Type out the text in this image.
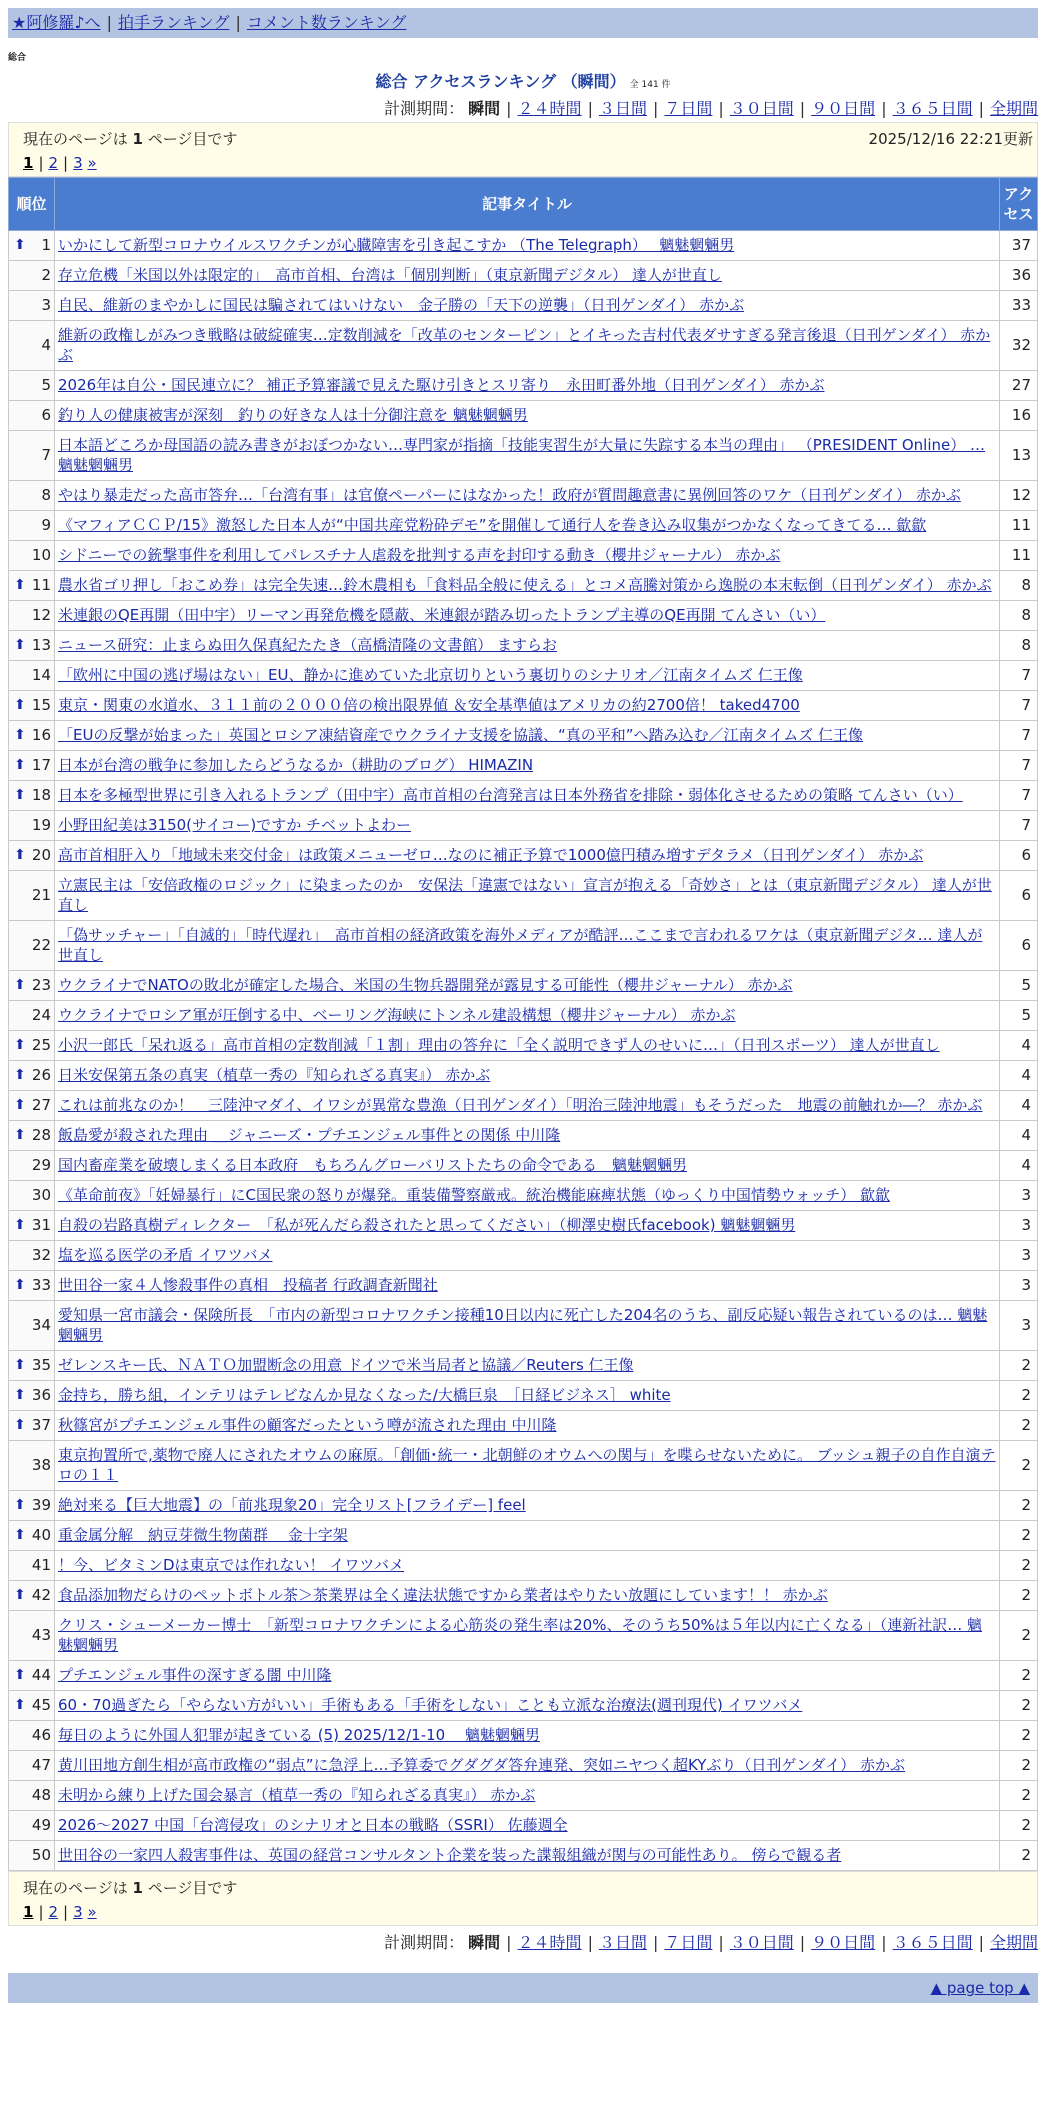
★阿修羅♪へ | 拍手ランキング | コメント数ランキング
総合
総合 アクセスランキング （瞬間） 全 141 件
計測期間： 瞬間 | ２４時間 | ３日間 | ７日間 | ３０日間 | ９０日間 | ３６５日間 | 全期間
現在のページは 1 ページ目です	2025/12/16 22:21更新
1 | 2 | 3 »
順位	記事タイトル	アクセス

⬆ 1	いかにして新型コロナウイルスワクチンが心臓障害を引き起こすか （The Telegraph）　 魑魅魍魎男	37
2	存立危機「米国以外は限定的」　高市首相、台湾は「個別判断」（東京新聞デジタル） 達人が世直し	36
3	自民、維新のまやかしに国民は騙されてはいけない　金子勝の「天下の逆襲」（日刊ゲンダイ） 赤かぶ	33
4	維新の政権しがみつき戦略は破綻確実…定数削減を「改革のセンターピン」とイキった吉村代表ダサすぎる発言後退（日刊ゲンダイ） 赤かぶ	32
5	2026年は自公・国民連立に？ 補正予算審議で見えた駆け引きとスリ寄り　永田町番外地（日刊ゲンダイ） 赤かぶ	27
6	釣り人の健康被害が深刻　釣りの好きな人は十分御注意を 魑魅魍魎男	16
7	日本語どころか母国語の読み書きがおぼつかない…専門家が指摘「技能実習生が大量に失踪する本当の理由」 （PRESIDENT Online） … 魑魅魍魎男	13
8	やはり暴走だった高市答弁…「台湾有事」は官僚ペーパーにはなかった！政府が質問趣意書に異例回答のワケ（日刊ゲンダイ） 赤かぶ	12
9	《マフィアＣＣＰ/15》激怒した日本人が“中国共産党粉砕デモ”を開催して通行人を巻き込み収集がつかなくなってきてる… 歙歙	11
10	シドニーでの銃撃事件を利用してパレスチナ人虐殺を批判する声を封印する動き（櫻井ジャーナル） 赤かぶ	11

⬆ 11	農水省ゴリ押し「おこめ券」は完全失速…鈴木農相も「食料品全般に使える」とコメ高騰対策から逸脱の本末転倒（日刊ゲンダイ） 赤かぶ	8
12	米連銀のQE再開（田中宇）リーマン再発危機を隠蔽、米連銀が踏み切ったトランプ主導のQE再開 てんさい（い）	8

⬆ 13	ニュース研究：止まらぬ田久保真紀たたき（高橋清隆の文書館） ますらお	8
14	「欧州に中国の逃げ場はない」EU、静かに進めていた北京切りという裏切りのシナリオ／江南タイムズ 仁王像	7

⬆ 15	東京・関東の水道水、３１１前の２０００倍の検出限界値 ＆安全基準値はアメリカの約2700倍！ taked4700	7

⬆ 16	「EUの反撃が始まった」英国とロシア凍結資産でウクライナ支援を協議、“真の平和”へ踏み込む／江南タイムズ 仁王像	7

⬆ 17	日本が台湾の戦争に参加したらどうなるか（耕助のブログ） HIMAZIN	7

⬆ 18	日本を多極型世界に引き入れるトランプ（田中宇）高市首相の台湾発言は日本外務省を排除・弱体化させるための策略 てんさい（い）	7
19	小野田紀美は3150(サイコー)ですか チベットよわー	7

⬆ 20	高市首相肝入り「地域未来交付金」は政策メニューゼロ…なのに補正予算で1000億円積み増すデタラメ（日刊ゲンダイ） 赤かぶ	6
21	立憲民主は「安倍政権のロジック」に染まったのか　安保法「違憲ではない」宣言が抱える「奇妙さ」とは（東京新聞デジタル） 達人が世直し	6
22	「偽サッチャー」「自滅的」「時代遅れ」　高市首相の経済政策を海外メディアが酷評…ここまで言われるワケは（東京新聞デジタ… 達人が世直し	6

⬆ 23	ウクライナでNATOの敗北が確定した場合、米国の生物兵器開発が露見する可能性（櫻井ジャーナル） 赤かぶ	5
24	ウクライナでロシア軍が圧倒する中、ベーリング海峡にトンネル建設構想（櫻井ジャーナル） 赤かぶ	5

⬆ 25	小沢一郎氏「呆れ返る」高市首相の定数削減「１割」理由の答弁に「全く説明できず人のせいに…」（日刊スポーツ） 達人が世直し	4

⬆ 26	日米安保第五条の真実（植草一秀の『知られざる真実』） 赤かぶ	4

⬆ 27	これは前兆なのか！　三陸沖マダイ、イワシが異常な豊漁（日刊ゲンダイ）「明治三陸沖地震」もそうだった　地震の前触れか―？ 赤かぶ	4

⬆ 28	飯島愛が殺された理由 ＿ジャニーズ・プチエンジェル事件との関係 中川隆	4
29	国内畜産業を破壊しまくる日本政府　もちろんグローバリストたちの命令である　魑魅魍魎男	4
30	《革命前夜》「妊婦暴行」にC国民衆の怒りが爆発。重装備警察厳戒。統治機能麻痺状態（ゆっくり中国情勢ウォッチ） 歙歙	3

⬆ 31	自殺の岩路真樹ディレクター　「私が死んだら殺されたと思ってください」（柳澤史樹氏facebook) 魑魅魍魎男	3
32	塩を巡る医学の矛盾 イワツバメ	3

⬆ 33	世田谷一家４人惨殺事件の真相　投稿者 行政調査新聞社	3
34	愛知県一宮市議会・保険所長　「市内の新型コロナワクチン接種10日以内に死亡した204名のうち、副反応疑い報告されているのは… 魑魅魍魎男	3

⬆ 35	ゼレンスキー氏、ＮＡＴＯ加盟断念の用意 ドイツで米当局者と協議／Reuters 仁王像	2

⬆ 36	金持ち，勝ち組，インテリはテレビなんか見なくなった/大橋巨泉　［日経ビジネス］ white	2

⬆ 37	秋篠宮がプチエンジェル事件の顧客だったという噂が流された理由 中川隆	2
38	東京拘置所で,薬物で廃人にされたオウムの麻原。「創価･統一・北朝鮮のオウムへの関与」を喋らせないために。 ブッシュ親子の自作自演テロの１１	2

⬆ 39	絶対来る【巨大地震】の「前兆現象20」完全リスト[フライデー] feel	2

⬆ 40	重金属分解　納豆芽微生物菌群　 金十字架	2
41	！今、ビタミンDは東京では作れない！ イワツバメ	2

⬆ 42	食品添加物だらけのペットボトル茶＞茶業界は全く違法状態ですから業者はやりたい放題にしています！！ 赤かぶ	2
43	クリス・シューメーカー博士　「新型コロナワクチンによる心筋炎の発生率は20%、そのうち50%は５年以内に亡くなる」（連新社訳… 魑魅魍魎男	2

⬆ 44	プチエンジェル事件の深すぎる闇 中川隆	2

⬆ 45	60・70過ぎたら「やらない方がいい」手術もある「手術をしない」ことも立派な治療法(週刊現代) イワツバメ	2
46	毎日のように外国人犯罪が起きている (5) 2025/12/1-10　 魑魅魍魎男	2
47	黄川田地方創生相が高市政権の“弱点”に急浮上…予算委でグダグダ答弁連発、突如ニヤつく超KYぶり（日刊ゲンダイ） 赤かぶ	2
48	未明から練り上げた国会暴言（植草一秀の『知られざる真実』） 赤かぶ	2
49	2026～2027 中国「台湾侵攻」のシナリオと日本の戦略（SSRI） 佐藤週全	2
50	世田谷の一家四人殺害事件は、英国の経営コンサルタント企業を装った諜報組織が関与の可能性あり。 傍らで観る者	2
現在のページは 1 ページ目です
1 | 2 | 3 »
計測期間： 瞬間 | ２４時間 | ３日間 | ７日間 | ３０日間 | ９０日間 | ３６５日間 | 全期間
▲ page top ▲
